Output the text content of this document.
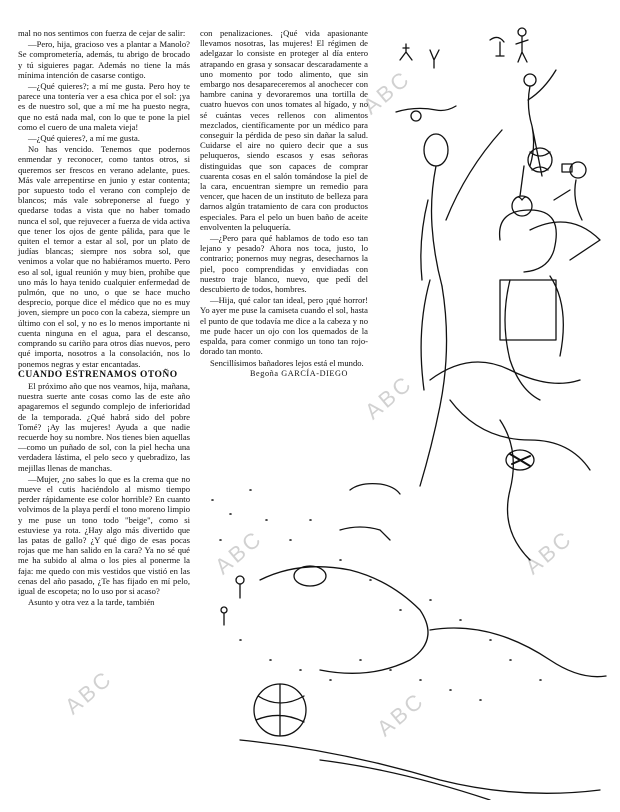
mal no nos sentimos con fuerza de cejar de salir:

—Pero, hija, gracioso ves a plantar a Manolo? Se comprometería, además, tu abrigo de brocado y tú siguieres pagar. Además no tiene la más mínima intención de casarse contigo.

—¿Qué quieres?; a mí me gusta. Pero hoy te parece una tontería ver a esa chica por el sol: ¡ya es de nuestro sol, que a mí me ha puesto negra, que no está nada mal, con lo que te pone la piel como el cuero de una maleta vieja!

—¿Qué quieres?, a mí me gusta.

No has vencido. Tenemos que podernos enmendar y reconocer, como tantos otros, si queremos ser frescos en verano adelante, pues. Más vale arrepentirse en junio y estar contenta; por supuesto todo el verano con complejo de blancos; más vale sobreponerse al fuego y quedarse todas a vista que no haber tomado nunca el sol, que rejuvecer a fuerza de vida activa que tener los ojos de gente pálida, para que le quiten el temor a estar al sol, por un plato de judías blancas; siempre nos sobra sol, que venimos a volar que no habiéramos muerto. Pero eso al sol, igual reunión y muy bien, prohíbe que uno más lo haya tenido cualquier enfermedad de pulmón, que no uno, o que se hace mucho desprecio, porque dice el médico que no es muy joven, siempre un poco con la cabeza, siempre un último con el sol, y no es lo menos importante ni cuenta ninguna en el agua, para el descanso, comprando su cariño para otros días nuevos, pero qué importa, nosotros a la consolación, nos lo ponemos negras y estar encantadas.

CUANDO ESTRENAMOS OTOÑO

El próximo año que nos veamos, hija, mañana, nuestra suerte ante cosas como las de este año apagaremos el segundo complejo de inferioridad de la temporada. ¿Qué habrá sido del pobre Tomé? ¡Ay las mujeres! Ayuda a que nadie recuerde hoy su nombre. Nos tienes bien aquellas —como un puñado de sol, con la piel hecha una verdadera lástima, el pelo seco y quebradizo, las mejillas llenas de manchas.

—Mujer, ¿no sabes lo que es la crema que no mueve el cutis haciéndolo al mismo tiempo perder rápidamente ese color horrible? En cuanto volvimos de la playa perdí el tono moreno limpio y me puse un tono todo "beige", como si estuviese ya rota. ¿Hay algo más divertido que las patas de gallo? ¿Y qué digo de esas pocas rojas que me han salido en la cara? Ya no sé qué me ha subido al alma o los pies al ponerme la faja: me quedo con mis vestidos que vistió en las cenas del año pasado, ¿Te has fijado en mí pelo, igual de escopeta; no lo uso por si acaso?

Asunto y otra vez a la tarde, también

con penalizaciones. ¡Qué vida apasionante llevamos nosotras, las mujeres! El régimen de adelgazar lo consiste en proteger al día entero atrapando en grasa y sonsacar descaradamente a uno momento por todo alimento, que sin embargo nos desapareceremos al anochecer con hambre canina y devoraremos una tortilla de cuatro huevos con unos tomates al hígado, y no sé cuántas veces rellenos con alimentos mezclados, científicamente por un médico para conseguir la pérdida de peso sin dañar la salud. Cuidarse el aire no quiero decir que a sus peluqueros, siendo escasos y esas señoras distinguidas que son capaces de comprar cuarenta cosas en el salón tomándose la piel de la cara, encuentran siempre un remedio para vencer, que hacen de un instituto de belleza para darnos algún tratamiento de cara con productos especiales. Para el pelo un buen baño de aceite envolventen la peluquería.

—¿Pero para qué hablamos de todo eso tan lejano y pesado? Ahora nos toca, justo, lo contrario; ponernos muy negras, desecharnos la piel, poco comprendidas y envidiadas con nuestro traje blanco, nuevo, que pedí del descubierto de todos, hombres.

—Hija, qué calor tan ideal, pero ¡qué horror! Yo ayer me puse la camiseta cuando el sol, hasta el punto de que todavía me dice a la cabeza y no me pude hacer un ojo con los quemados de la espalda, para comer conmigo un tono tan rojo-dorado tan monto.

Sencillísimos bañadores lejos está el mundo.

Begoña GARCÍA-DIEGO

ABC
ABC
ABC
ABC
ABC
ABC
